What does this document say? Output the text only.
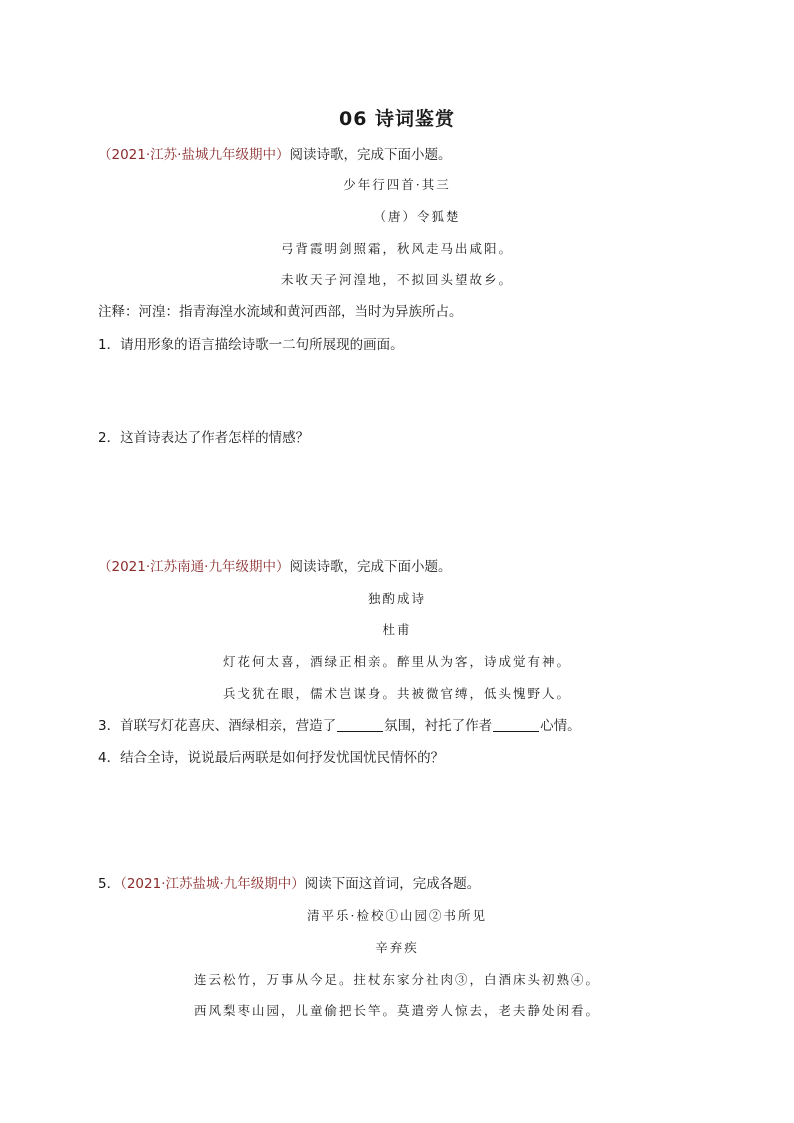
06 诗词鉴赏
（2021·江苏·盐城九年级期中）阅读诗歌，完成下面小题。
少年行四首·其三
（唐）令狐楚
弓背霞明剑照霜，秋风走马出咸阳。
未收天子河湟地，不拟回头望故乡。
注释：河湟：指青海湟水流域和黄河西部，当时为异族所占。
1．请用形象的语言描绘诗歌一二句所展现的画面。
2．这首诗表达了作者怎样的情感？
（2021·江苏南通·九年级期中）阅读诗歌，完成下面小题。
独酌成诗
杜甫
灯花何太喜，酒绿正相亲。醉里从为客，诗成觉有神。
兵戈犹在眼，儒术岂谋身。共被微官缚，低头愧野人。
3．首联写灯花喜庆、酒绿相亲，营造了	氛围，衬托了作者	心情。
4．结合全诗，说说最后两联是如何抒发忧国忧民情怀的？
5．（2021·江苏盐城·九年级期中）阅读下面这首词，完成各题。
清平乐·检校①山园②书所见
辛弃疾
连云松竹，万事从今足。拄杖东家分社肉③，白酒床头初熟④。
西风梨枣山园，儿童偷把长竿。莫遣旁人惊去，老夫静处闲看。
